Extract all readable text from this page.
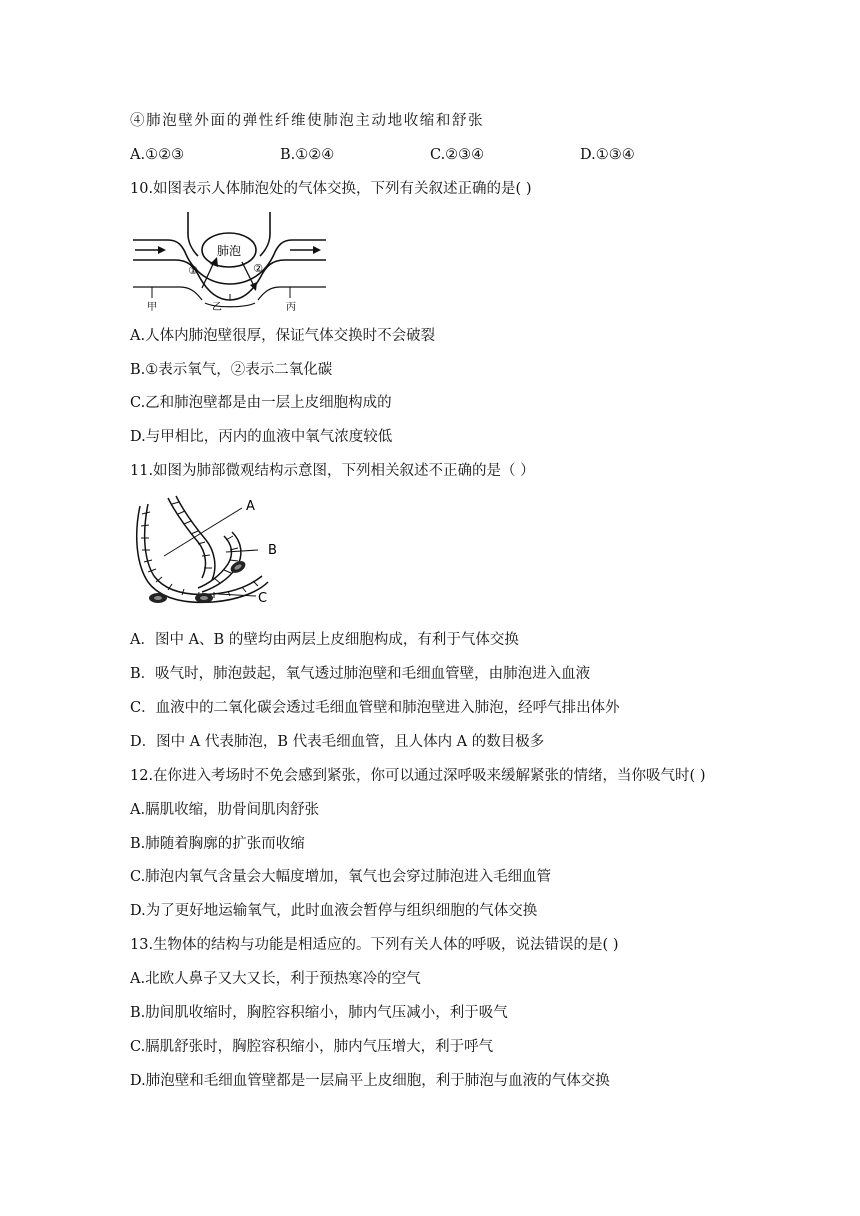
④肺泡壁外面的弹性纤维使肺泡主动地收缩和舒张
A.①②③	B.①②④	C.②③④	D.①③④
10.如图表示人体肺泡处的气体交换，下列有关叙述正确的是( )
肺泡
①	②
甲	乙	丙
A.人体内肺泡壁很厚，保证气体交换时不会破裂
B.①表示氧气，②表示二氧化碳
C.乙和肺泡壁都是由一层上皮细胞构成的
D.与甲相比，丙内的血液中氧气浓度较低
11.如图为肺部微观结构示意图，下列相关叙述不正确的是（ ）
A
B
C
A．图中 A、B 的壁均由两层上皮细胞构成，有利于气体交换
B．吸气时，肺泡鼓起，氧气透过肺泡壁和毛细血管壁，由肺泡进入血液
C．血液中的二氧化碳会透过毛细血管壁和肺泡壁进入肺泡，经呼气排出体外
D．图中 A 代表肺泡，B 代表毛细血管，且人体内 A 的数目极多
12.在你进入考场时不免会感到紧张，你可以通过深呼吸来缓解紧张的情绪，当你吸气时( )
A.膈肌收缩，肋骨间肌肉舒张
B.肺随着胸廓的扩张而收缩
C.肺泡内氧气含量会大幅度增加，氧气也会穿过肺泡进入毛细血管
D.为了更好地运输氧气，此时血液会暂停与组织细胞的气体交换
13.生物体的结构与功能是相适应的。下列有关人体的呼吸，说法错误的是( )
A.北欧人鼻子又大又长，利于预热寒冷的空气
B.肋间肌收缩时，胸腔容积缩小，肺内气压减小，利于吸气
C.膈肌舒张时，胸腔容积缩小，肺内气压增大，利于呼气
D.肺泡壁和毛细血管壁都是一层扁平上皮细胞，利于肺泡与血液的气体交换
